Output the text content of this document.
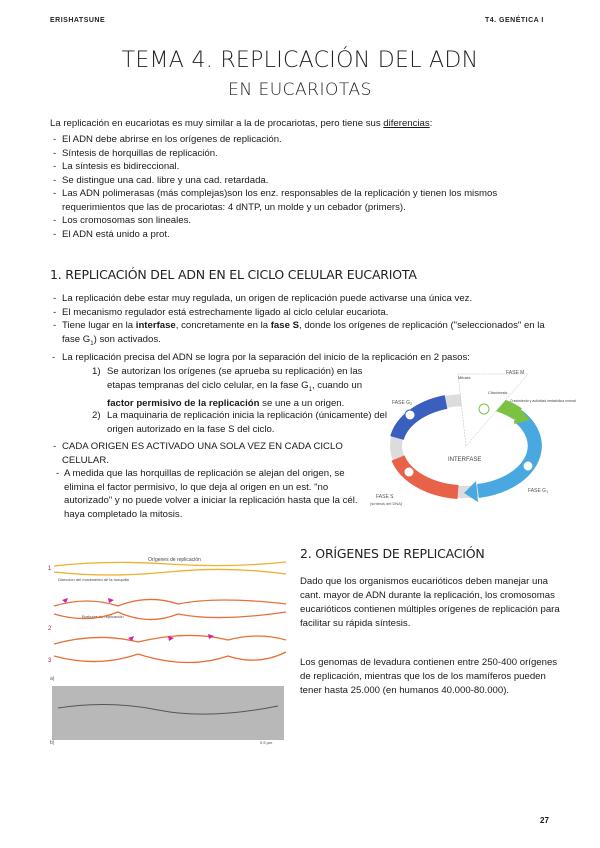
ERISHATSUNE	T4. GENÉTICA I
TEMA 4. REPLICACIÓN DEL ADN
EN EUCARIOTAS
La replicación en eucariotas es muy similar a la de procariotas, pero tiene sus diferencias:
- El ADN debe abrirse en los orígenes de replicación.
- Síntesis de horquillas de replicación.
- La síntesis es bidireccional.
- Se distingue una cad. libre y una cad. retardada.
- Las ADN polimerasas (más complejas)son los enz. responsables de la replicación y tienen los mismos requerimientos que las de procariotas: 4 dNTP, un molde y un cebador (primers).
- Los cromosomas son lineales.
- El ADN está unido a prot.
1. REPLICACIÓN DEL ADN EN EL CICLO CELULAR EUCARIOTA
- La replicación debe estar muy regulada, un origen de replicación puede activarse una única vez.
- El mecanismo regulador está estrechamente ligado al ciclo celular eucariota.
- Tiene lugar en la interfase, concretamente en la fase S, donde los orígenes de replicación ("seleccionados" en la fase $G_1$) son activados.
- La replicación precisa del ADN se logra por la separación del inicio de la replicación en 2 pasos:
1) Se autorizan los orígenes (se aprueba su replicación) en las etapas tempranas del ciclo celular, en la fase $G_1$, cuando un factor permisivo de la replicación se une a un origen.
2) La maquinaria de replicación inicia la replicación (únicamente) del origen autorizado en la fase S del ciclo.
- CADA ORIGEN ES ACTIVADO UNA SOLA VEZ EN CADA CICLO CELULAR.
- A medida que las horquillas de replicación se alejan del origen, se elimina el factor permisivo, lo que deja al origen en un est. "no autorizado" y no puede volver a iniciar la replicación hasta que la cél. haya completado la mitosis.
INTERFASE
FASE M
FASE $G_2$
FASE $G_1$
FASE S
(síntesis del DNA)
Mitosis
Citocinesis
Crecimiento y actividad metabólica normal
1
2
3
a)
b)
Orígenes de replicación
Dirección del movimiento de la horquilla
Burbujas de replicación
0,5 µm
2. ORÍGENES DE REPLICACIÓN
Dado que los organismos eucarióticos deben manejar una cant. mayor de ADN durante la replicación, los cromosomas eucarióticos contienen múltiples orígenes de replicación para facilitar su rápida síntesis.
Los genomas de levadura contienen entre 250-400 orígenes de replicación, mientras que los de los mamíferos pueden tener hasta 25.000 (en humanos 40.000-80.000).
27
